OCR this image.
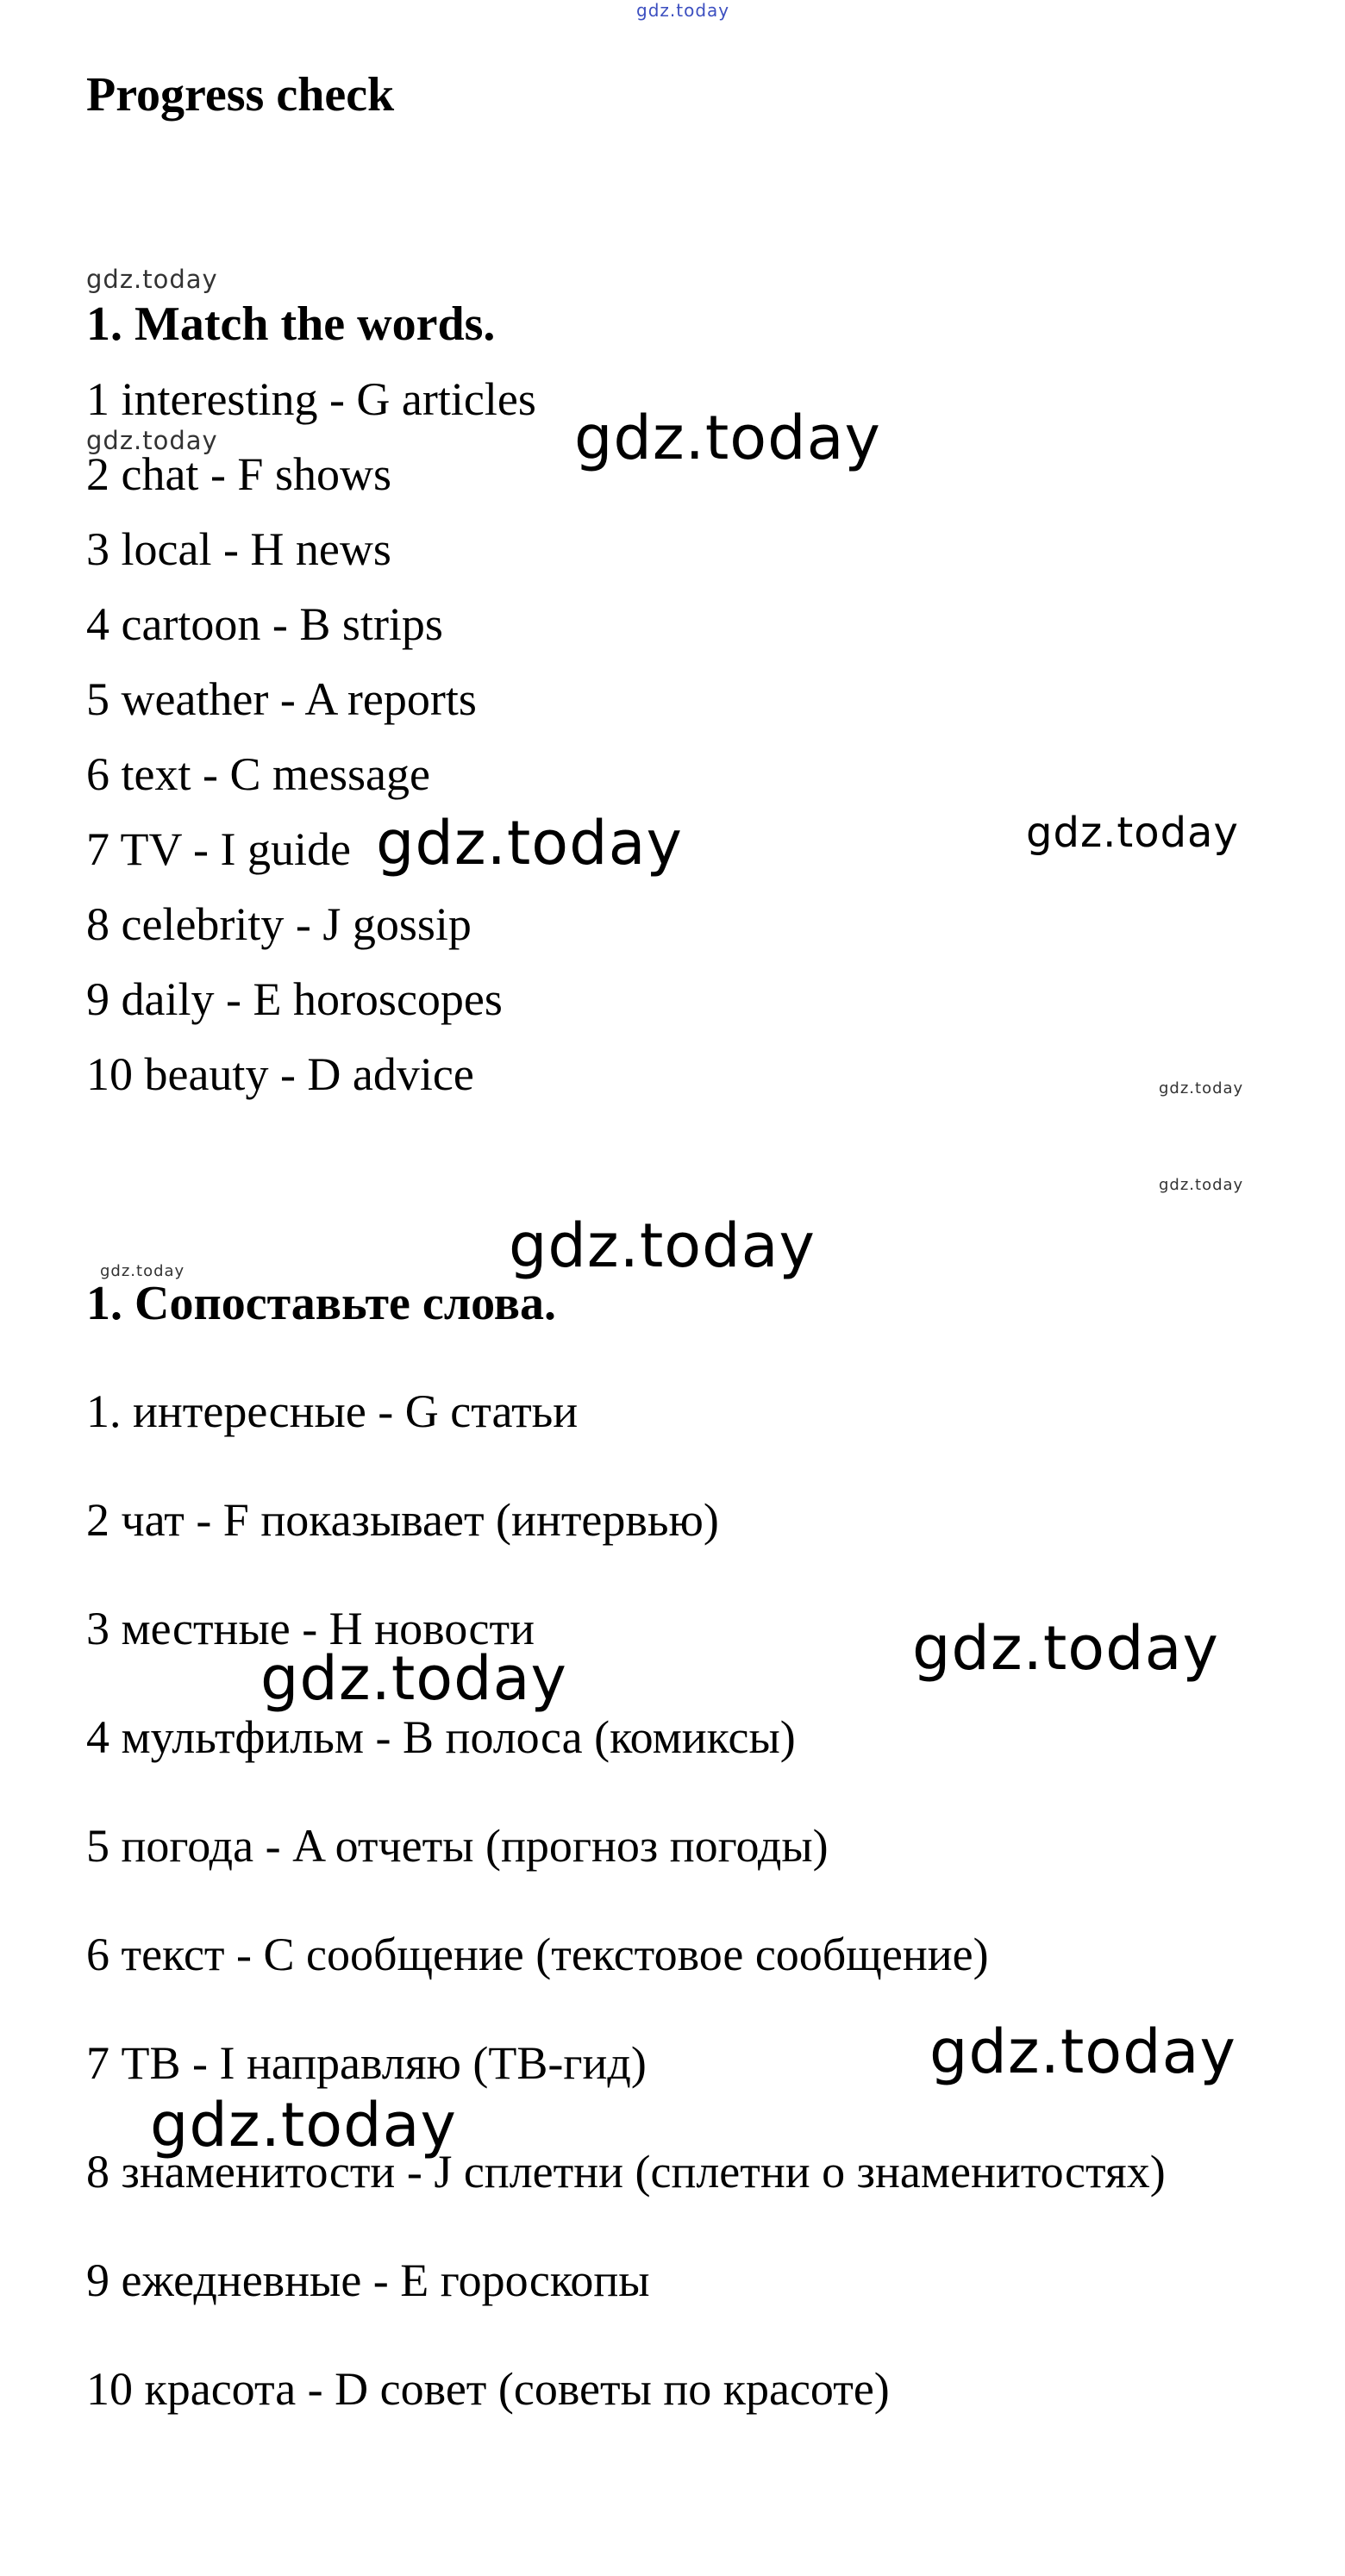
gdz.today
gdz.today
gdz.today	gdz.today
gdz.today	gdz.today
gdz.today
gdz.today
gdz.today
gdz.today
gdz.today
gdz.today
gdz.today
gdz.today
Progress check
1. Match the words.
1 interesting - G articles
2 chat - F shows
3 local - H news
4 cartoon - B strips
5 weather - A reports
6 text - C message
7 TV - I guide
8 celebrity - J gossip
9 daily - E horoscopes
10 beauty - D advice
1. Сопоставьте слова.
1. интересные - G статьи
2 чат - F показывает (интервью)
3 местные - H новости
4 мультфильм - B полоса (комиксы)
5 погода - A отчеты (прогноз погоды)
6 текст - C сообщение (текстовое сообщение)
7 ТВ - I направляю (ТВ-гид)
8 знаменитости - J сплетни (сплетни о знаменитостях)
9 ежедневные - E гороскопы
10 красота - D совет (советы по красоте)
